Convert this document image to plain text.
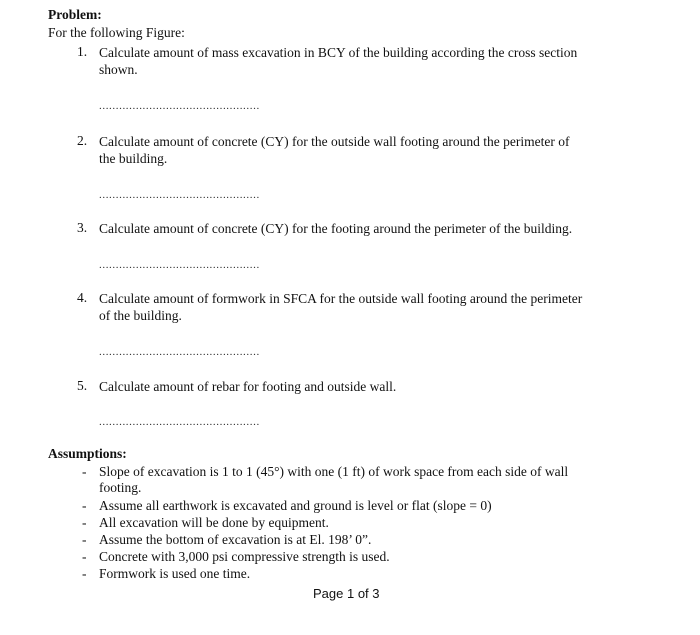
Problem:
For the following Figure:
1. Calculate amount of mass excavation in BCY of the building according the cross section
shown.
................................................
2. Calculate amount of concrete (CY) for the outside wall footing around the perimeter of
the building.
................................................
3. Calculate amount of concrete (CY) for the footing around the perimeter of the building.
................................................
4. Calculate amount of formwork in SFCA for the outside wall footing around the perimeter
of the building.
................................................
5. Calculate amount of rebar for footing and outside wall.
................................................
Assumptions:
- Slope of excavation is 1 to 1 (45°) with one (1 ft) of work space from each side of wall
footing.
- Assume all earthwork is excavated and ground is level or flat (slope = 0)
- All excavation will be done by equipment.
- Assume the bottom of excavation is at El. 198’ 0”.
- Concrete with 3,000 psi compressive strength is used.
- Formwork is used one time.
Page 1 of 3
